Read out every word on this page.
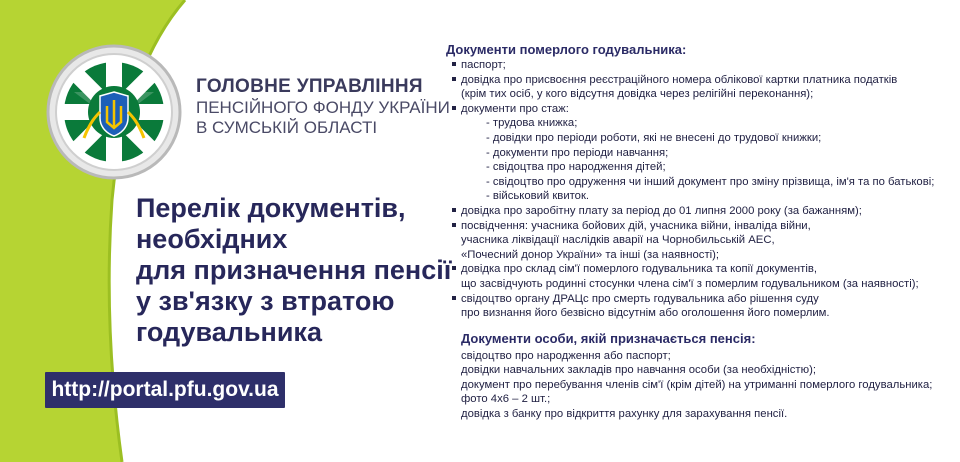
ГОЛОВНЕ УПРАВЛІННЯ
ПЕНСІЙНОГО ФОНДУ УКРАЇНИ
В СУМСЬКІЙ ОБЛАСТІ
Перелік документів,
необхідних
для призначення пенсії
у зв'язку з втратою
годувальника
http://portal.pfu.gov.ua
Документи померлого годувальника:
паспорт;
довідка про присвоєння реєстраційного номера облікової картки платника податків
(крім тих осіб, у кого відсутня довідка через релігійні переконання);
документи про стаж:
- трудова книжка;
- довідки про періоди роботи, які не внесені до трудової книжки;
- документи про періоди навчання;
- свідоцтва про народження дітей;
- свідоцтво про одруження чи інший документ про зміну прізвища, ім'я та по батькові;
- військовий квиток.
довідка про заробітну плату за період до 01 липня 2000 року (за бажанням);
посвідчення: учасника бойових дій, учасника війни, інваліда війни,
учасника ліквідації наслідків аварії на Чорнобильській АЕС,
«Почесний донор України» та інші (за наявності);
довідка про склад сім'ї померлого годувальника та копії документів,
що засвідчують родинні стосунки члена сім'ї з померлим годувальником (за наявності);
свідоцтво органу ДРАЦс про смерть годувальника або рішення суду
про визнання його безвісно відсутнім або оголошення його померлим.
Документи особи, якій призначається пенсія:
свідоцтво про народження або паспорт;
довідки навчальних закладів про навчання особи (за необхідністю);
документ про перебування членів сім'ї (крім дітей) на утриманні померлого годувальника;
фото 4х6 – 2 шт.;
довідка з банку про відкриття рахунку для зарахування пенсії.
